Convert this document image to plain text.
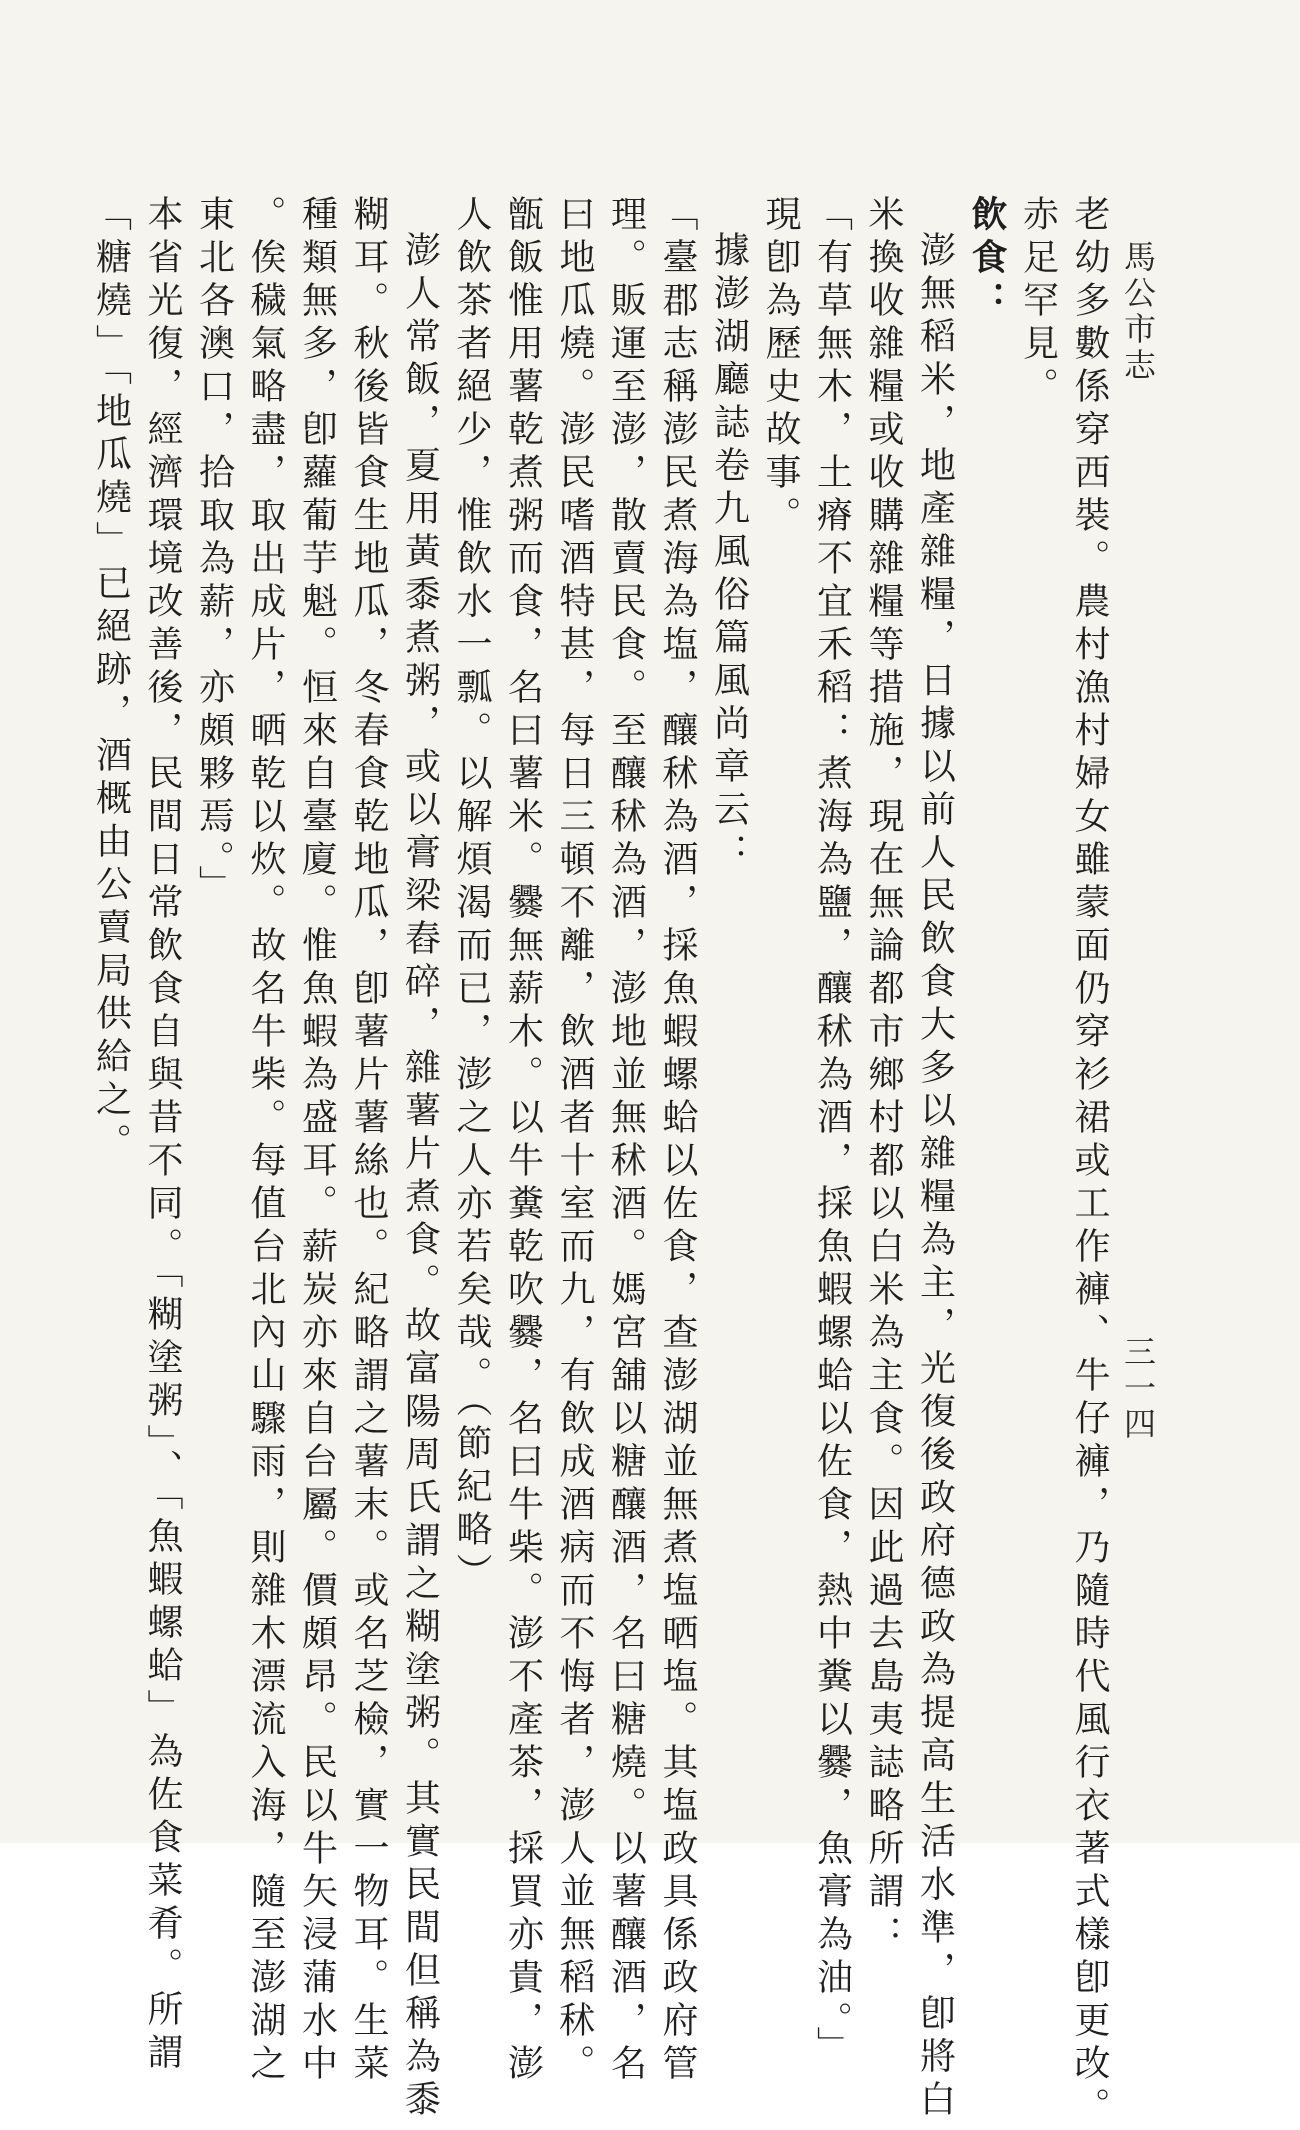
馬公市志
三一四
老幼多數係穿西裝。農村漁村婦女雖蒙面仍穿衫裙或工作褲、牛仔褲，乃隨時代風行衣著式樣卽更改。
赤足罕見。
飲食：
澎無稻米，地產雜糧，日據以前人民飲食大多以雜糧為主，光復後政府德政為提高生活水準，卽將白
米換收雜糧或收購雜糧等措施，現在無論都市鄉村都以白米為主食。因此過去島夷誌略所謂：
「有草無木，土瘠不宜禾稻：煮海為鹽，釀秫為酒，採魚蝦螺蛤以佐食，熱中糞以爨，魚膏為油。」
現卽為歷史故事。
據澎湖廳誌卷九風俗篇風尚章云：
「臺郡志稱澎民煮海為塩，釀秫為酒，採魚蝦螺蛤以佐食，查澎湖並無煮塩晒塩。其塩政具係政府管
理。販運至澎，散賣民食。至釀秫為酒，澎地並無秫酒。媽宮舖以糖釀酒，名曰糖燒。以薯釀酒，名
曰地瓜燒。澎民嗜酒特甚，每日三頓不離，飲酒者十室而九，有飲成酒病而不悔者，澎人並無稻秫。
甑飯惟用薯乾煮粥而食，名曰薯米。爨無薪木。以牛糞乾吹爨，名曰牛柴。澎不產茶，採買亦貴，澎
人飲茶者絕少，惟飲水一瓢。以解煩渴而已，澎之人亦若矣哉。（節紀略）
澎人常飯，夏用黃黍煮粥，或以膏梁舂碎，雜薯片煮食。故富陽周氏謂之糊塗粥。其實民間但稱為黍
糊耳。秋後皆食生地瓜，冬春食乾地瓜，卽薯片薯絲也。紀略謂之薯末。或名芝檢，實一物耳。生菜
種類無多，卽蘿葡芋魁。恒來自臺廈。惟魚蝦為盛耳。薪炭亦來自台屬。價頗昂。民以牛矢浸蒲水中
。俟穢氣略盡，取出成片，晒乾以炊。故名牛柴。每值台北內山驟雨，則雜木漂流入海，隨至澎湖之
東北各澳口，拾取為薪，亦頗夥焉。」
本省光復，經濟環境改善後，民間日常飲食自與昔不同。「糊塗粥」、「魚蝦螺蛤」為佐食菜肴。所謂
「糖燒」「地瓜燒」已絕跡，酒概由公賣局供給之。
